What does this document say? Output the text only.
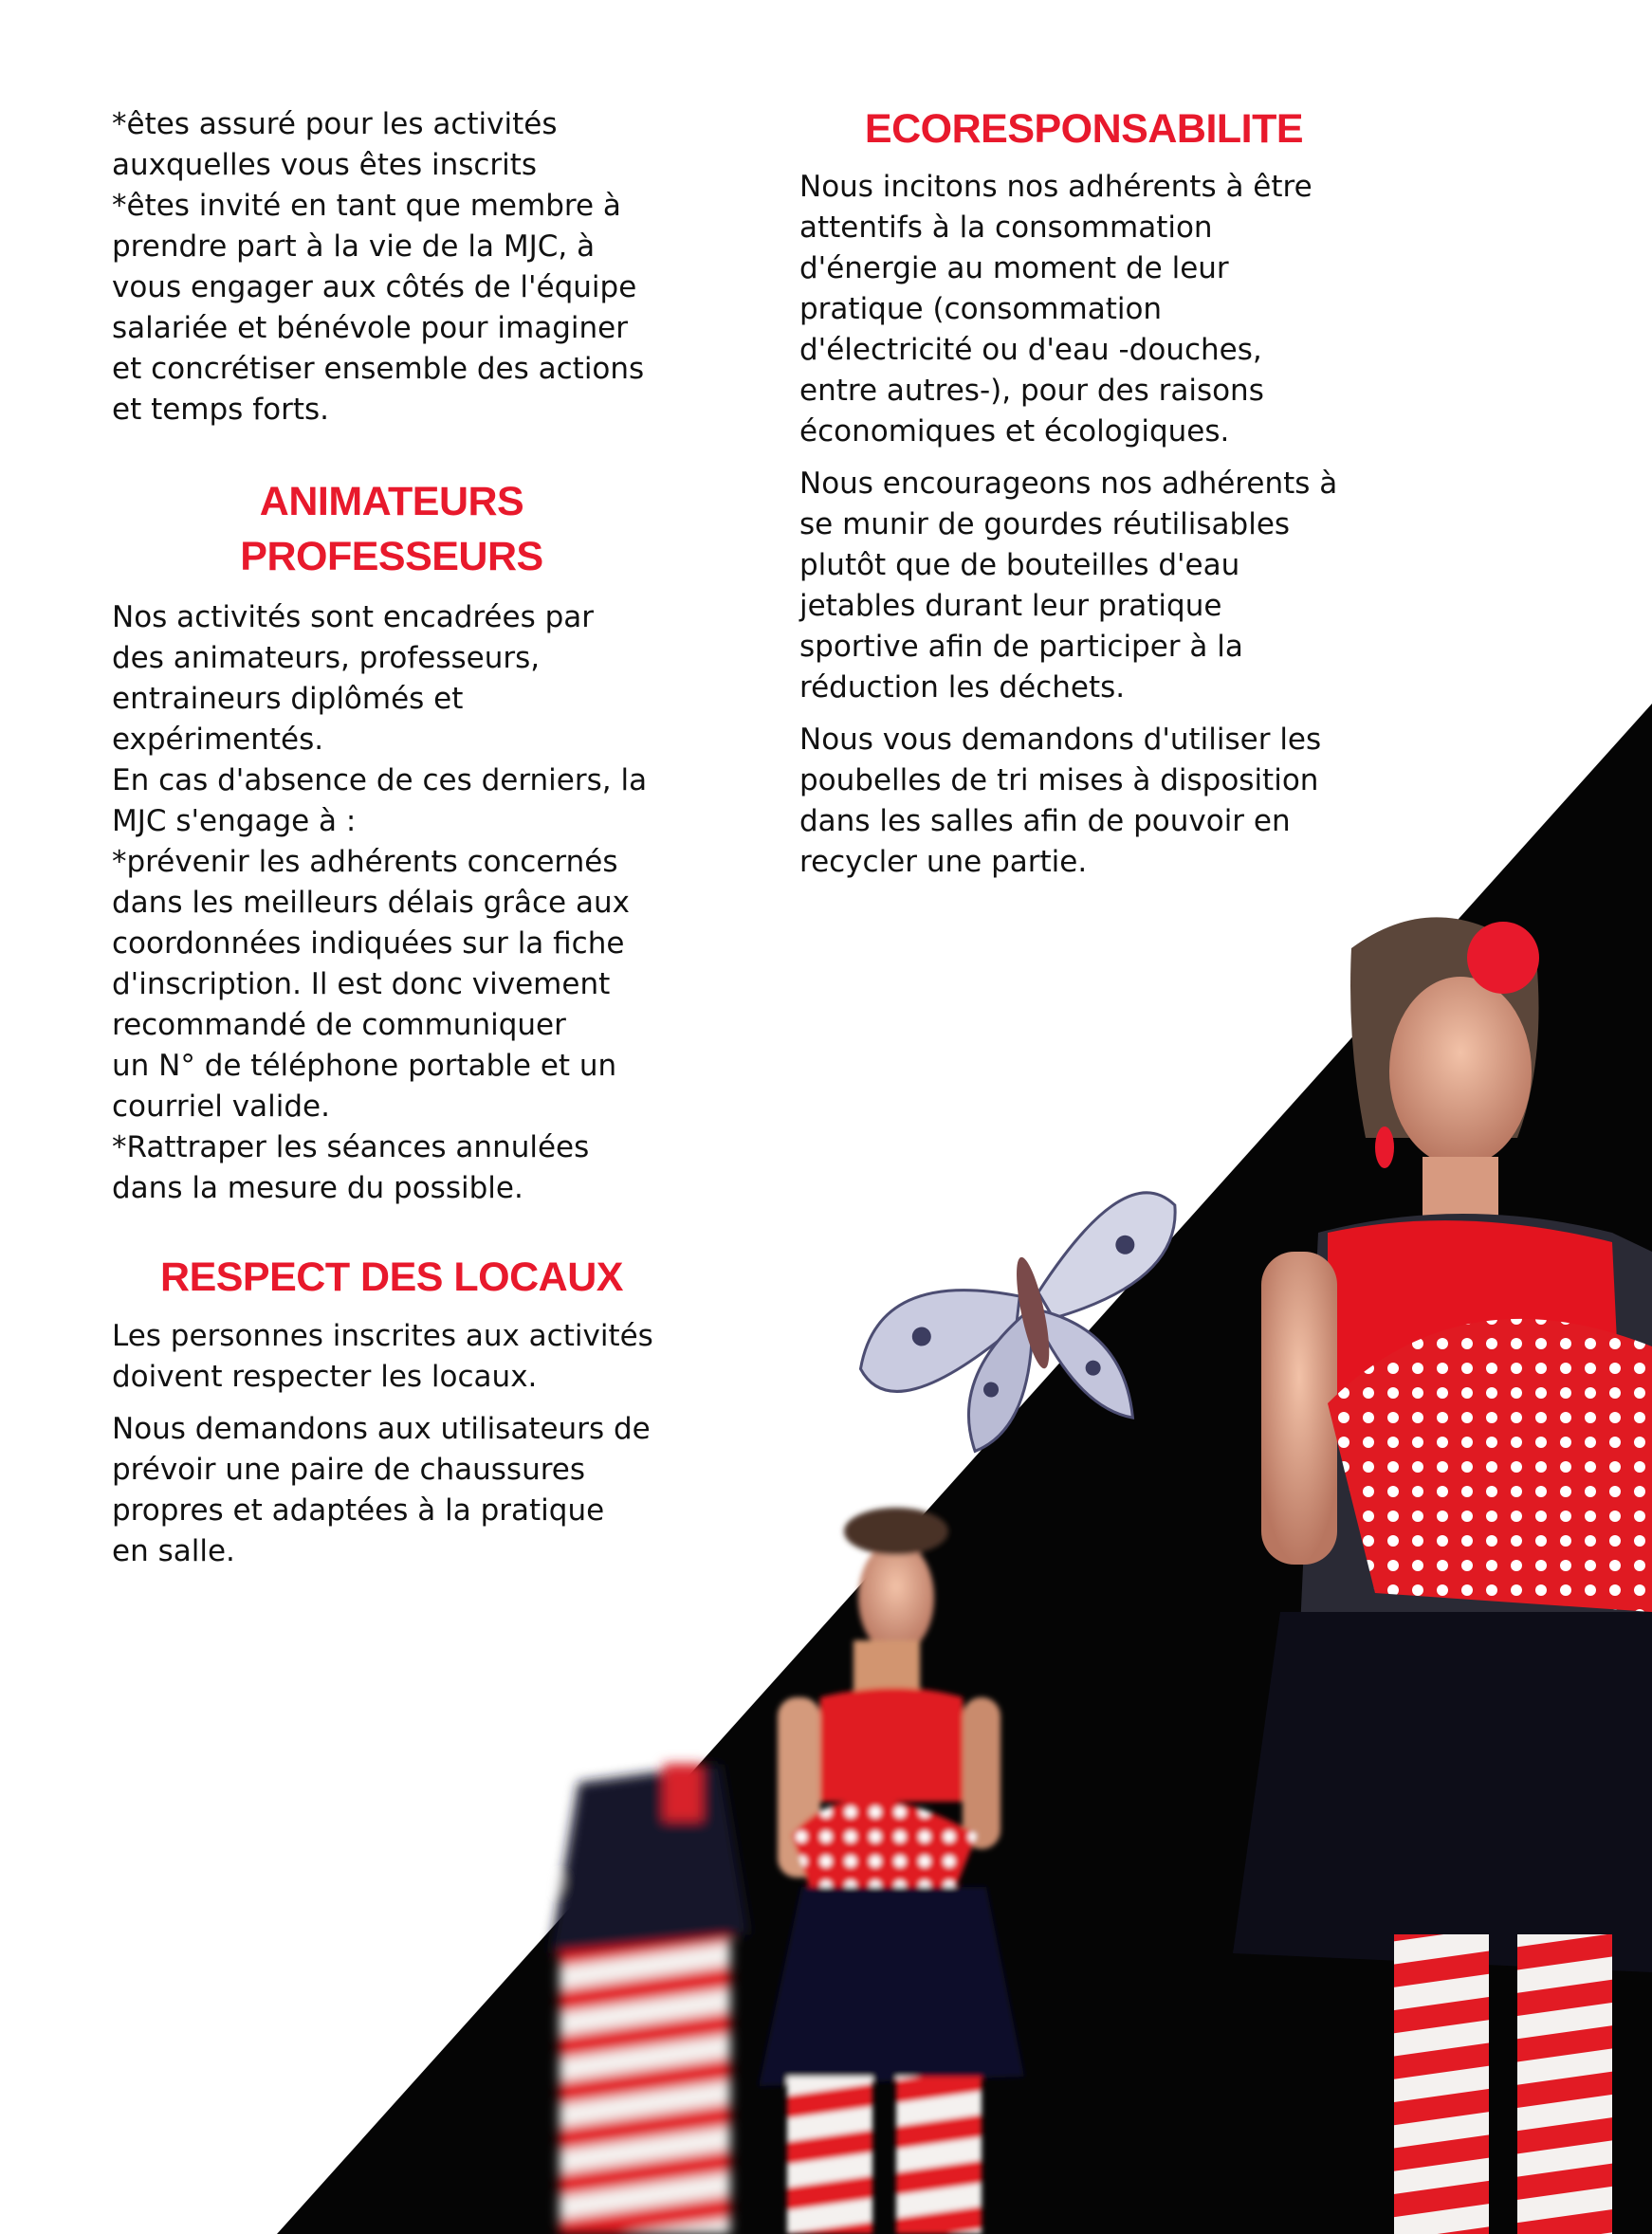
*êtes assuré pour les activités
auxquelles vous êtes inscrits
*êtes invité en tant que membre à
prendre part à la vie de la MJC, à
vous engager aux côtés de l'équipe
salariée et bénévole pour imaginer
et concrétiser ensemble des actions
et temps forts.

ANIMATEURS
PROFESSEURS

Nos activités sont encadrées par
des animateurs, professeurs,
entraineurs diplômés et
expérimentés.
En cas d'absence de ces derniers, la
MJC s'engage à :
*prévenir les adhérents concernés
dans les meilleurs délais grâce aux
coordonnées indiquées sur la fiche
d'inscription. Il est donc vivement
recommandé de communiquer
un N° de téléphone portable et un
courriel valide.
*Rattraper les séances annulées
dans la mesure du possible.

RESPECT DES LOCAUX

Les personnes inscrites aux activités
doivent respecter les locaux.

Nous demandons aux utilisateurs de
prévoir une paire de chaussures
propres et adaptées à la pratique
en salle.

ECORESPONSABILITE

Nous incitons nos adhérents à être
attentifs à la consommation
d'énergie au moment de leur
pratique (consommation
d'électricité ou d'eau -douches,
entre autres-), pour des raisons
économiques et écologiques.

Nous encourageons nos adhérents à
se munir de gourdes réutilisables
plutôt que de bouteilles d'eau
jetables durant leur pratique
sportive afin de participer à la
réduction les déchets.

Nous vous demandons d'utiliser les
poubelles de tri mises à disposition
dans les salles afin de pouvoir en
recycler une partie.
